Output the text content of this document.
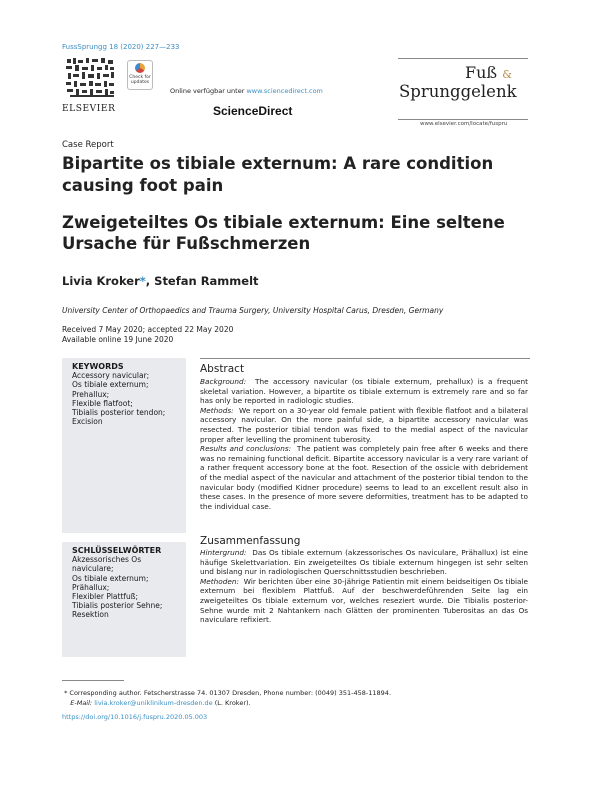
FussSprungg 18 (2020) 227—233
ELSEVIER
Check for updates
Online verfügbar unter www.sciencedirect.com
ScienceDirect
Fuß &
Sprunggelenk
www.elsevier.com/locate/fuspru
Case Report
Bipartite os tibiale externum: A rare condition causing foot pain
Zweigeteiltes Os tibiale externum: Eine seltene Ursache für Fußschmerzen
Livia Kroker*, Stefan Rammelt
University Center of Orthopaedics and Trauma Surgery, University Hospital Carus, Dresden, Germany
Received 7 May 2020; accepted 22 May 2020
Available online 19 June 2020
KEYWORDS
Accessory navicular;
Os tibiale externum;
Prehallux;
Flexible flatfoot;
Tibialis posterior tendon;
Excision
SCHLÜSSELWÖRTER
Akzessorisches Os naviculare;
Os tibiale externum;
Prähallux;
Flexibler Plattfuß;
Tibialis posterior Sehne;
Resektion
Abstract

Background: The accessory navicular (os tibiale externum, prehallux) is a frequent skeletal variation. However, a bipartite os tibiale externum is extremely rare and so far has only be reported in radiologic studies.

Methods: We report on a 30-year old female patient with flexible flatfoot and a bilateral accessory navicular. On the more painful side, a bipartite accessory navicular was resected. The posterior tibial tendon was fixed to the medial aspect of the navicular proper after levelling the prominent tuberosity.

Results and conclusions: The patient was completely pain free after 6 weeks and there was no remaining functional deficit. Bipartite accessory navicular is a very rare variant of a rather frequent accessory bone at the foot. Resection of the ossicle with debridement of the medial aspect of the navicular and attachment of the posterior tibial tendon to the navicular body (modified Kidner procedure) seems to lead to an excellent result also in these cases. In the presence of more severe deformities, treatment has to be adapted to the individual case.

Zusammenfassung

Hintergrund: Das Os tibiale externum (akzessorisches Os naviculare, Prähallux) ist eine häufige Skelettvariation. Ein zweigeteiltes Os tibiale externum hingegen ist sehr selten und bislang nur in radiologischen Querschnittsstudien beschrieben.

Methoden: Wir berichten über eine 30-jährige Patientin mit einem beidseitigen Os tibiale externum bei flexiblem Plattfuß. Auf der beschwerdeführenden Seite lag ein zweigeteiltes Os tibiale externum vor, welches reseziert wurde. Die Tibialis posterior-Sehne wurde mit 2 Nahtankern nach Glätten der prominenten Tuberositas an das Os naviculare refixiert.

* Corresponding author. Fetscherstrasse 74. 01307 Dresden, Phone number: (0049) 351-458-11894.
E-Mail: livia.kroker@uniklinikum-dresden.de (L. Kroker).
https://doi.org/10.1016/j.fuspru.2020.05.003
